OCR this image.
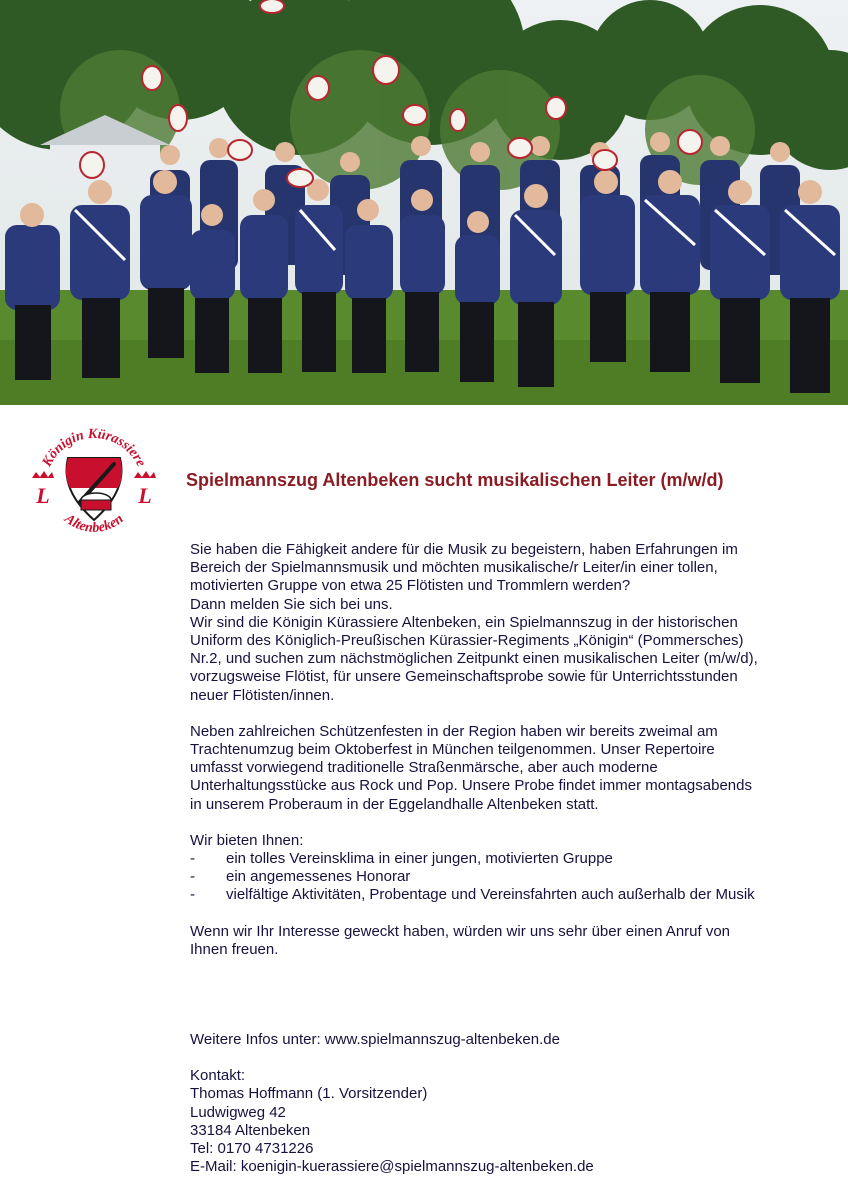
Königin Kürassiere
Altenbeken
L	L
Spielmannszug Altenbeken sucht musikalischen Leiter (m/w/d)

Sie haben die Fähigkeit andere für die Musik zu begeistern, haben Erfahrungen im

Bereich der Spielmannsmusik und möchten musikalische/r Leiter/in einer tollen,

motivierten Gruppe von etwa 25 Flötisten und Trommlern werden?

Dann melden Sie sich bei uns.

Wir sind die Königin Kürassiere Altenbeken, ein Spielmannszug in der historischen

Uniform des Königlich-Preußischen Kürassier-Regiments „Königin“ (Pommersches)

Nr.2, und suchen zum nächstmöglichen Zeitpunkt einen musikalischen Leiter (m/w/d),

vorzugsweise Flötist, für unsere Gemeinschaftsprobe sowie für Unterrichtsstunden

neuer Flötisten/innen.

Neben zahlreichen Schützenfesten in der Region haben wir bereits zweimal am

Trachtenumzug beim Oktoberfest in München teilgenommen. Unser Repertoire

umfasst vorwiegend traditionelle Straßenmärsche, aber auch moderne

Unterhaltungsstücke aus Rock und Pop. Unsere Probe findet immer montagsabends

in unserem Proberaum in der Eggelandhalle Altenbeken statt.

Wir bieten Ihnen:

-	ein tolles Vereinsklima in einer jungen, motivierten Gruppe
-	ein angemessenes Honorar
-	vielfältige Aktivitäten, Probentage und Vereinsfahrten auch außerhalb der Musik

Wenn wir Ihr Interesse geweckt haben, würden wir uns sehr über einen Anruf von

Ihnen freuen.

Weitere Infos unter: www.spielmannszug-altenbeken.de

Kontakt:

Thomas Hoffmann (1. Vorsitzender)

Ludwigweg 42

33184 Altenbeken

Tel: 0170 4731226

E-Mail: koenigin-kuerassiere@spielmannszug-altenbeken.de
